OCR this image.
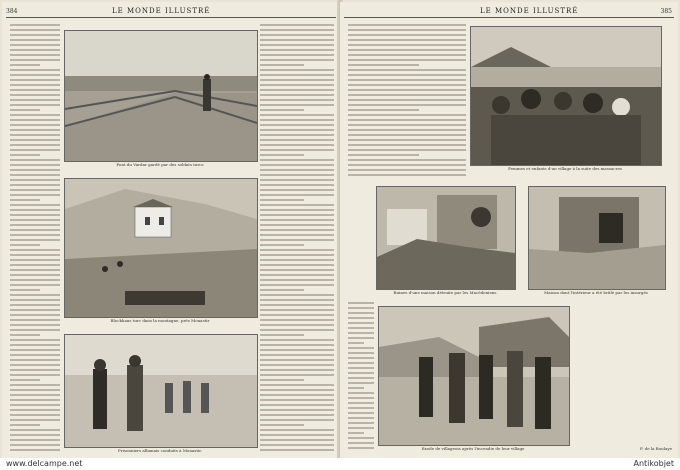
384	LE MONDE ILLUSTRÉ
Pont du Vardar gardé par des soldats turcs
Blockhaus turc dans la montagne, près Monastir
Prisonniers albanais conduits à Monastir.
LE MONDE ILLUSTRÉ	385
Femmes et enfants d'un village à la suite des massacres
Ruines d'une maison détruite par les Macédoniens	Maison dont l'intérieur a été brûlé par les insurgés
Exode de villageois après l'incendie de leur village	F. de la Boulaye
www.delcampe.net	Antikobjet
